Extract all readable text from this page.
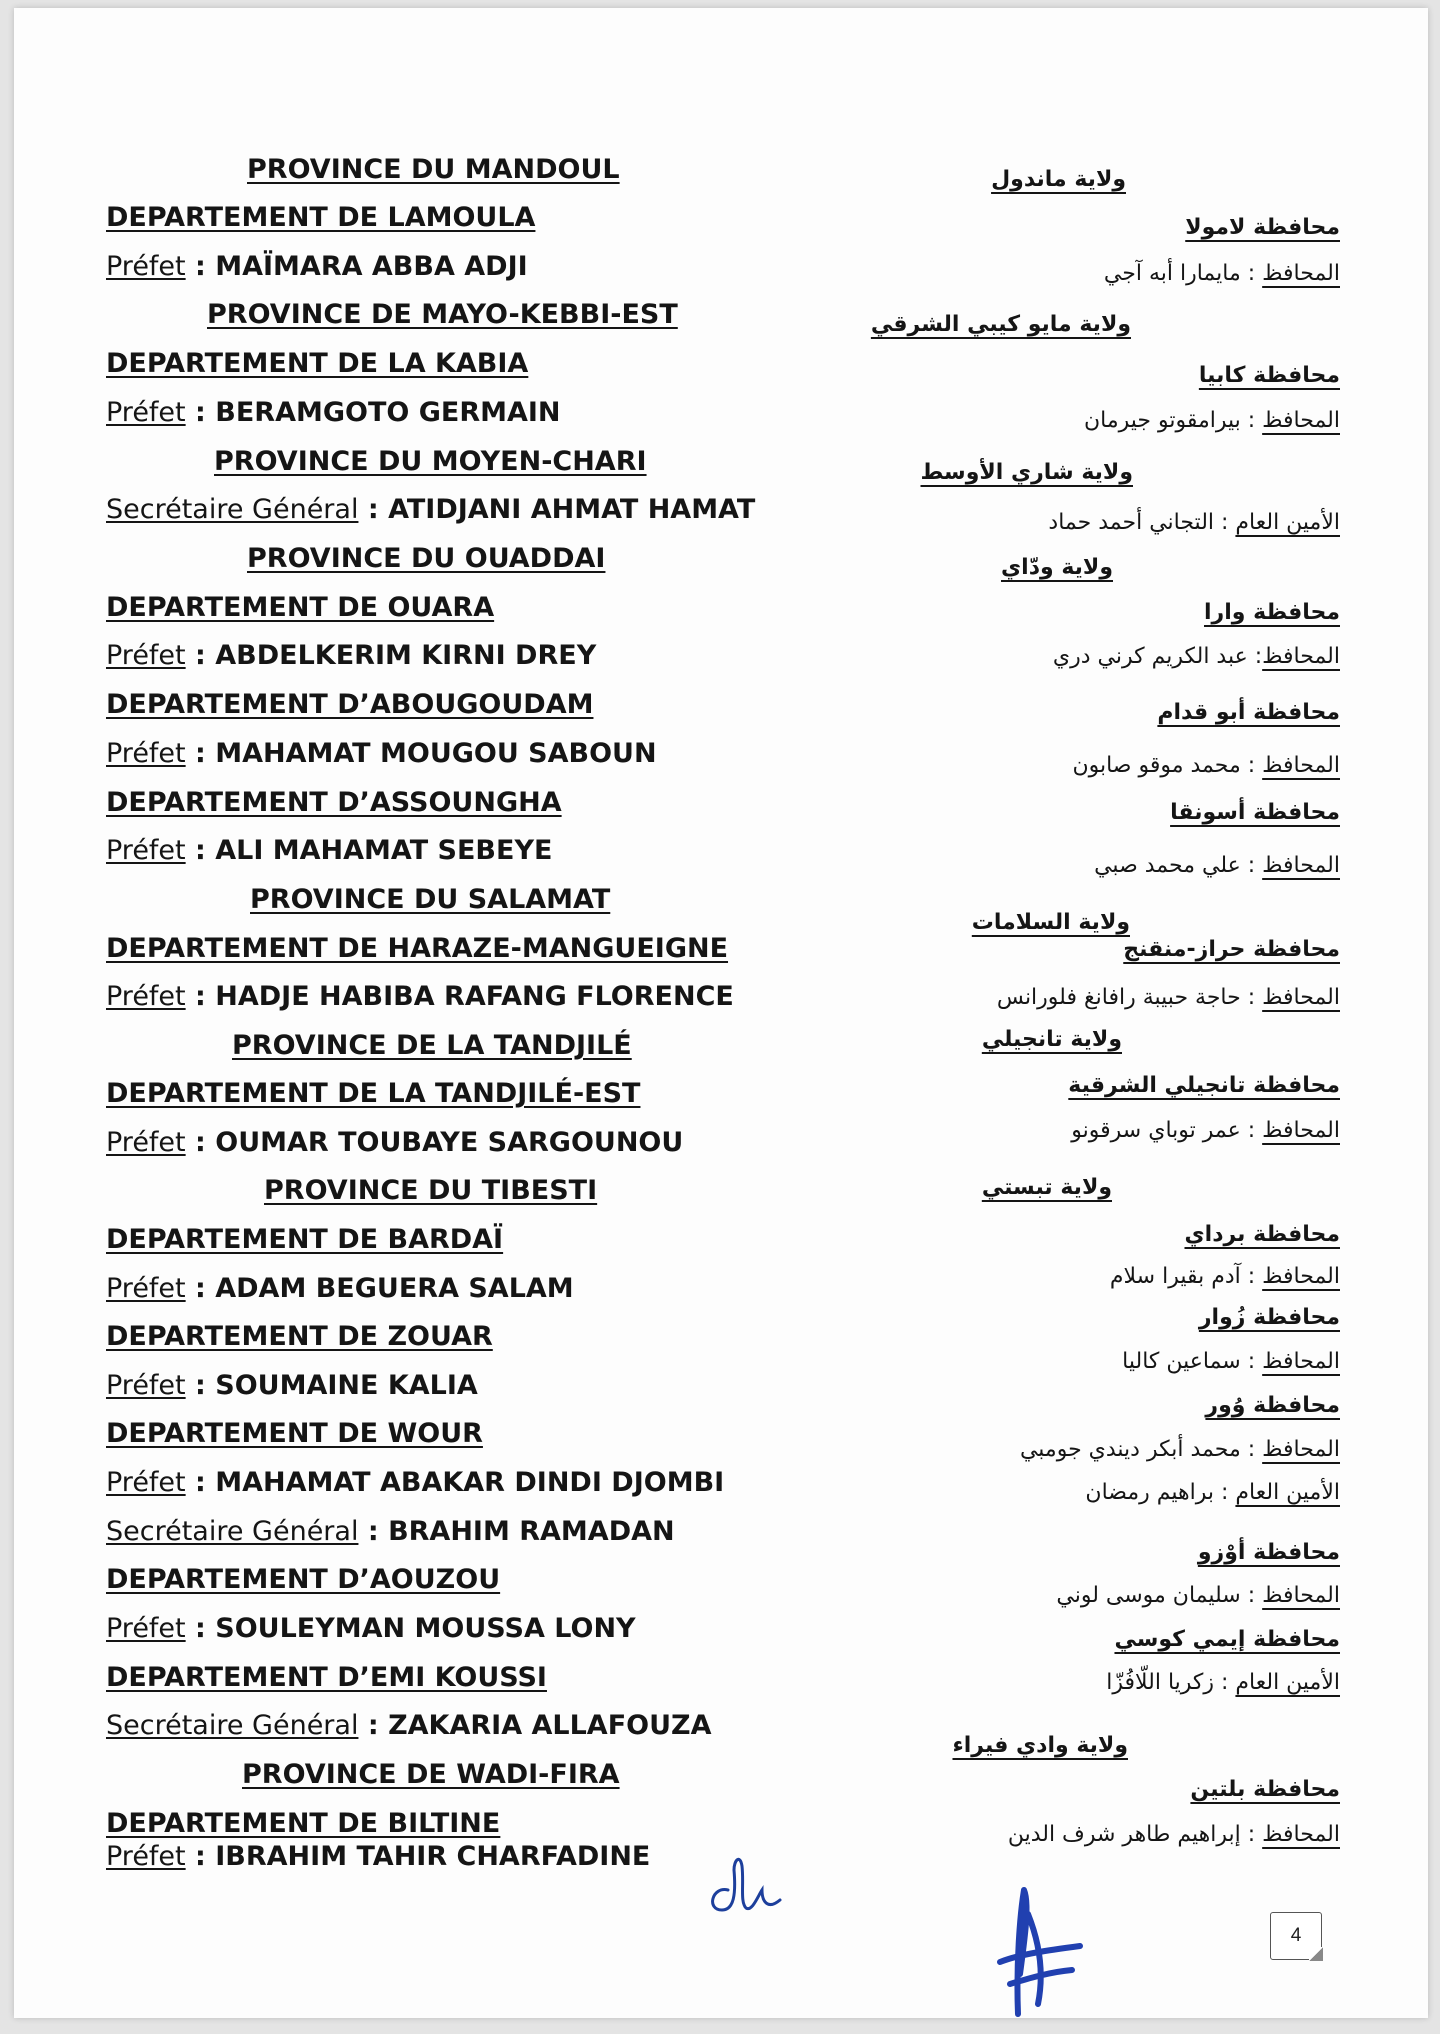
PROVINCE DU MANDOUL
DEPARTEMENT DE LAMOULA
Préfet : MAÏMARA ABBA ADJI
PROVINCE DE MAYO-KEBBI-EST
DEPARTEMENT DE LA KABIA
Préfet : BERAMGOTO GERMAIN
PROVINCE DU MOYEN-CHARI
Secrétaire Général : ATIDJANI AHMAT HAMAT
PROVINCE DU OUADDAI
DEPARTEMENT DE OUARA
Préfet : ABDELKERIM KIRNI DREY
DEPARTEMENT D’ABOUGOUDAM
Préfet : MAHAMAT MOUGOU SABOUN
DEPARTEMENT D’ASSOUNGHA
Préfet : ALI MAHAMAT SEBEYE
PROVINCE DU SALAMAT
DEPARTEMENT DE HARAZE-MANGUEIGNE
Préfet : HADJE HABIBA RAFANG FLORENCE
PROVINCE DE LA TANDJILÉ
DEPARTEMENT DE LA TANDJILÉ-EST
Préfet : OUMAR TOUBAYE SARGOUNOU
PROVINCE DU TIBESTI
DEPARTEMENT DE BARDAÏ
Préfet : ADAM BEGUERA SALAM
DEPARTEMENT DE ZOUAR
Préfet : SOUMAINE KALIA
DEPARTEMENT DE WOUR
Préfet : MAHAMAT ABAKAR DINDI DJOMBI
Secrétaire Général : BRAHIM RAMADAN
DEPARTEMENT D’AOUZOU
Préfet : SOULEYMAN MOUSSA LONY
DEPARTEMENT D’EMI KOUSSI
Secrétaire Général : ZAKARIA ALLAFOUZA
PROVINCE DE WADI-FIRA
DEPARTEMENT DE BILTINE
Préfet : IBRAHIM TAHIR CHARFADINE
ولاية ماندول
محافظة لامولا
المحافظ : مايمارا أبه آجي
ولاية مايو كيبي الشرقي
محافظة كابيا
المحافظ : بيرامقوتو جيرمان
ولاية شاري الأوسط
الأمين العام : التجاني أحمد حماد
ولاية ودّاي
محافظة وارا
المحافظ: عبد الكريم كرني دري
محافظة أبو قدام
المحافظ : محمد موقو صابون
محافظة أسونقا
المحافظ : علي محمد صبي
ولاية السلامات
محافظة حراز-منقنج
المحافظ : حاجة حبيبة رافانغ فلورانس
ولاية تانجيلي
محافظة تانجيلي الشرقية
المحافظ : عمر توباي سرقونو
ولاية تبستي
محافظة برداي
المحافظ : آدم بقيرا سلام
محافظة زُوار
المحافظ : سماعين كاليا
محافظة وُور
المحافظ : محمد أبكر ديندي جومبي
الأمين العام : براهيم رمضان
محافظة أوْزو
المحافظ : سليمان موسى لوني
محافظة إيمي كوسي
الأمين العام : زكريا اللّافُزّا
ولاية وادي فيراء
محافظة بلتين
المحافظ : إبراهيم طاهر شرف الدين
4
